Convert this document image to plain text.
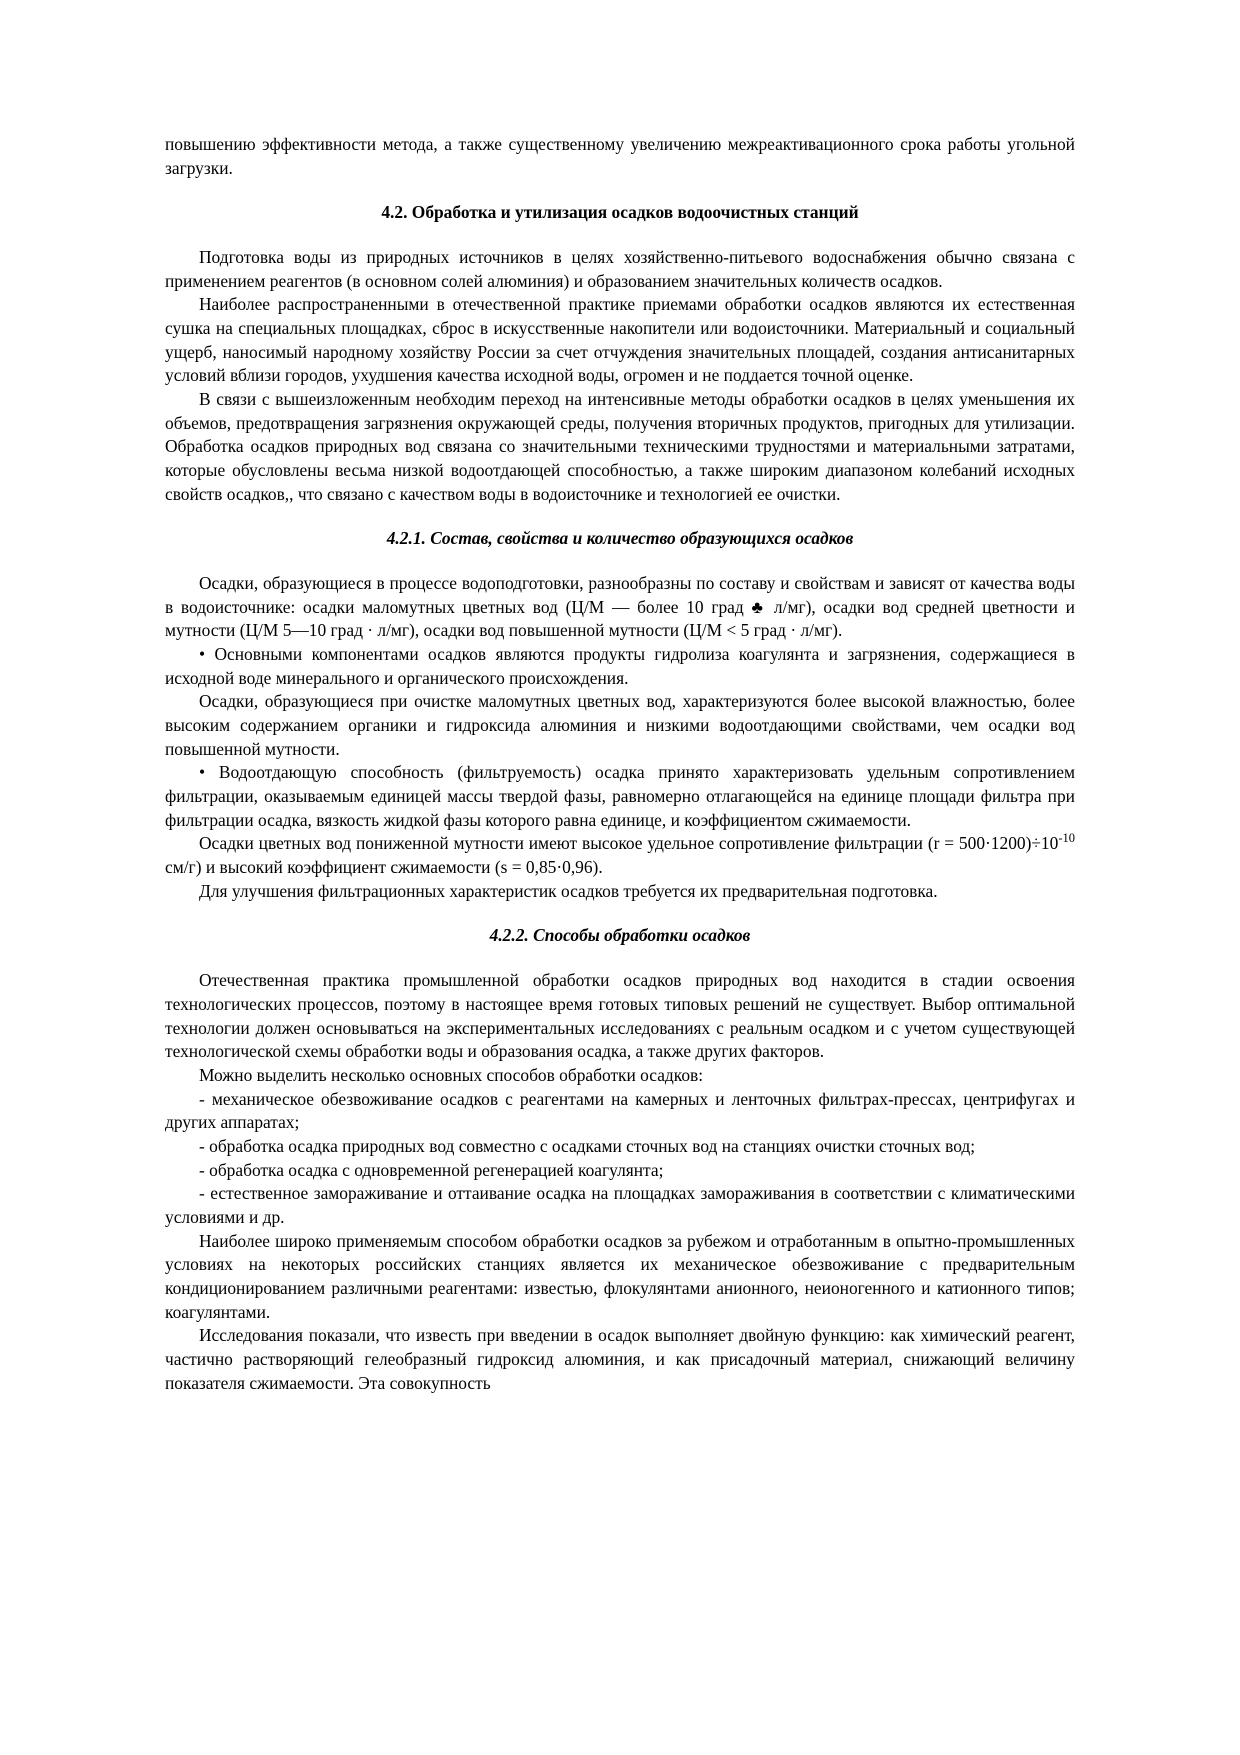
повышению эффективности метода, а также существенному увеличению межреактивационного срока работы угольной загрузки.

4.2. Обработка и утилизация осадков водоочистных станций

Подготовка воды из природных источников в целях хозяйственно-питьевого водоснабжения обычно связана с применением реагентов (в основном солей алюминия) и образованием значительных количеств осадков.

Наиболее распространенными в отечественной практике приемами обработки осадков являются их естественная сушка на специальных площадках, сброс в искусственные накопители или водоисточники. Материальный и социальный ущерб, наносимый народному хозяйству России за счет отчуждения значительных площадей, создания антисанитарных условий вблизи городов, ухудшения качества исходной воды, огромен и не поддается точной оценке.

В связи с вышеизложенным необходим переход на интенсивные методы обработки осадков в целях уменьшения их объемов, предотвращения загрязнения окружающей среды, получения вторичных продуктов, пригодных для утилизации. Обработка осадков природных вод связана со значительными техническими трудностями и материальными затратами, которые обусловлены весьма низкой водоотдающей способностью, а также широким диапазоном колебаний исходных свойств осадков,, что связано с качеством воды в водоисточнике и технологией ее очистки.

4.2.1. Состав, свойства и количество образующихся осадков

Осадки, образующиеся в процессе водоподготовки, разнообразны по составу и свойствам и зависят от качества воды в водоисточнике: осадки маломутных цветных вод (Ц/М — более 10 град ♣ л/мг), осадки вод средней цветности и мутности (Ц/М 5—10 град · л/мг), осадки вод повышенной мутности (Ц/М < 5 град · л/мг).

• Основными компонентами осадков являются продукты гидролиза коагулянта и загрязнения, содержащиеся в исходной воде минерального и органического происхождения.

Осадки, образующиеся при очистке маломутных цветных вод, характеризуются более высокой влажностью, более высоким содержанием органики и гидроксида алюминия и низкими водоотдающими свойствами, чем осадки вод повышенной мутности.

• Водоотдающую способность (фильтруемость) осадка принято характеризовать удельным сопротивлением фильтрации, оказываемым единицей массы твердой фазы, равномерно отлагающейся на единице площади фильтра при фильтрации осадка, вязкость жидкой фазы которого равна единице, и коэффициентом сжимаемости.

Осадки цветных вод пониженной мутности имеют высокое удельное сопротивление фильтрации $(r = 500\cdot 1200)\div 10^{-10}$ см/г) и высокий коэффициент сжимаемости (s = 0,85·0,96).

Для улучшения фильтрационных характеристик осадков требуется их предварительная подготовка.

4.2.2. Способы обработки осадков

Отечественная практика промышленной обработки осадков природных вод находится в стадии освоения технологических процессов, поэтому в настоящее время готовых типовых решений не существует. Выбор оптимальной технологии должен основываться на экспериментальных исследованиях с реальным осадком и с учетом существующей технологической схемы обработки воды и образования осадка, а также других факторов.

Можно выделить несколько основных способов обработки осадков:

- механическое обезвоживание осадков с реагентами на камерных и ленточных фильтрах-прессах, центрифугах и других аппаратах;

- обработка осадка природных вод совместно с осадками сточных вод на станциях очистки сточных вод;

- обработка осадка с одновременной регенерацией коагулянта;

- естественное замораживание и оттаивание осадка на площадках замораживания в соответствии с климатическими условиями и др.

Наиболее широко применяемым способом обработки осадков за рубежом и отработанным в опытно-промышленных условиях на некоторых российских станциях является их механическое обезвоживание с предварительным кондиционированием различными реагентами: известью, флокулянтами анионного, неионогенного и катионного типов; коагулянтами.

Исследования показали, что известь при введении в осадок выполняет двойную функцию: как химический реагент, частично растворяющий гелеобразный гидроксид алюминия, и как присадочный материал, снижающий величину показателя сжимаемости. Эта совокупность
